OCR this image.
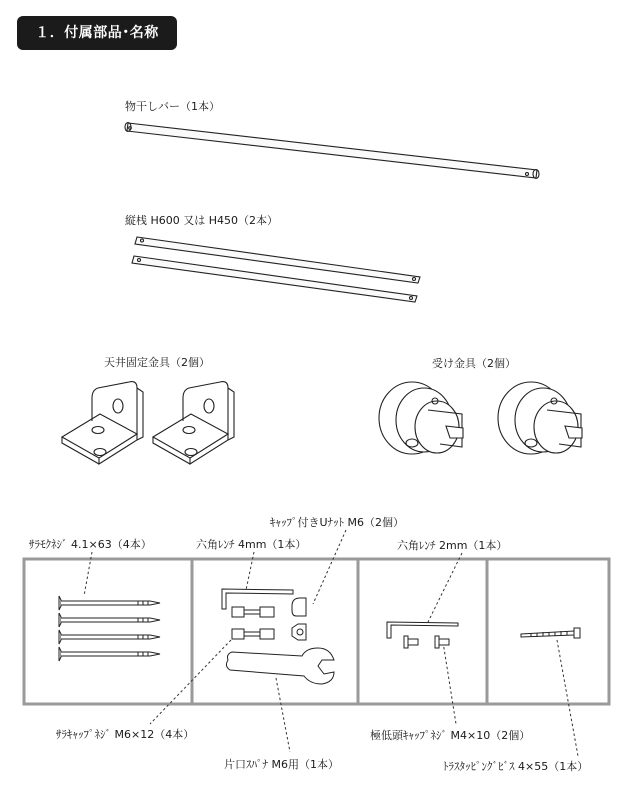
１．付属部品･名称
物干しバー（1本）
縦桟 H600 又は H450（2本）
天井固定金具（2個）	受け金具（2個）
ｻﾗﾓｸﾈｼﾞ 4.1×63（4本）	六角ﾚﾝﾁ 4mm（1本）
ｷｬｯﾌﾟ付きUﾅｯﾄ M6（2個）
六角ﾚﾝﾁ 2mm（1本）
ｻﾗｷｬｯﾌﾟﾈｼﾞ M6×12（4本）
片口ｽﾊﾟﾅ M6用（1本）
極低頭ｷｬｯﾌﾟﾈｼﾞ M4×10（2個）
ﾄﾗｽﾀｯﾋﾟﾝｸﾞﾋﾞｽ 4×55（1本）
